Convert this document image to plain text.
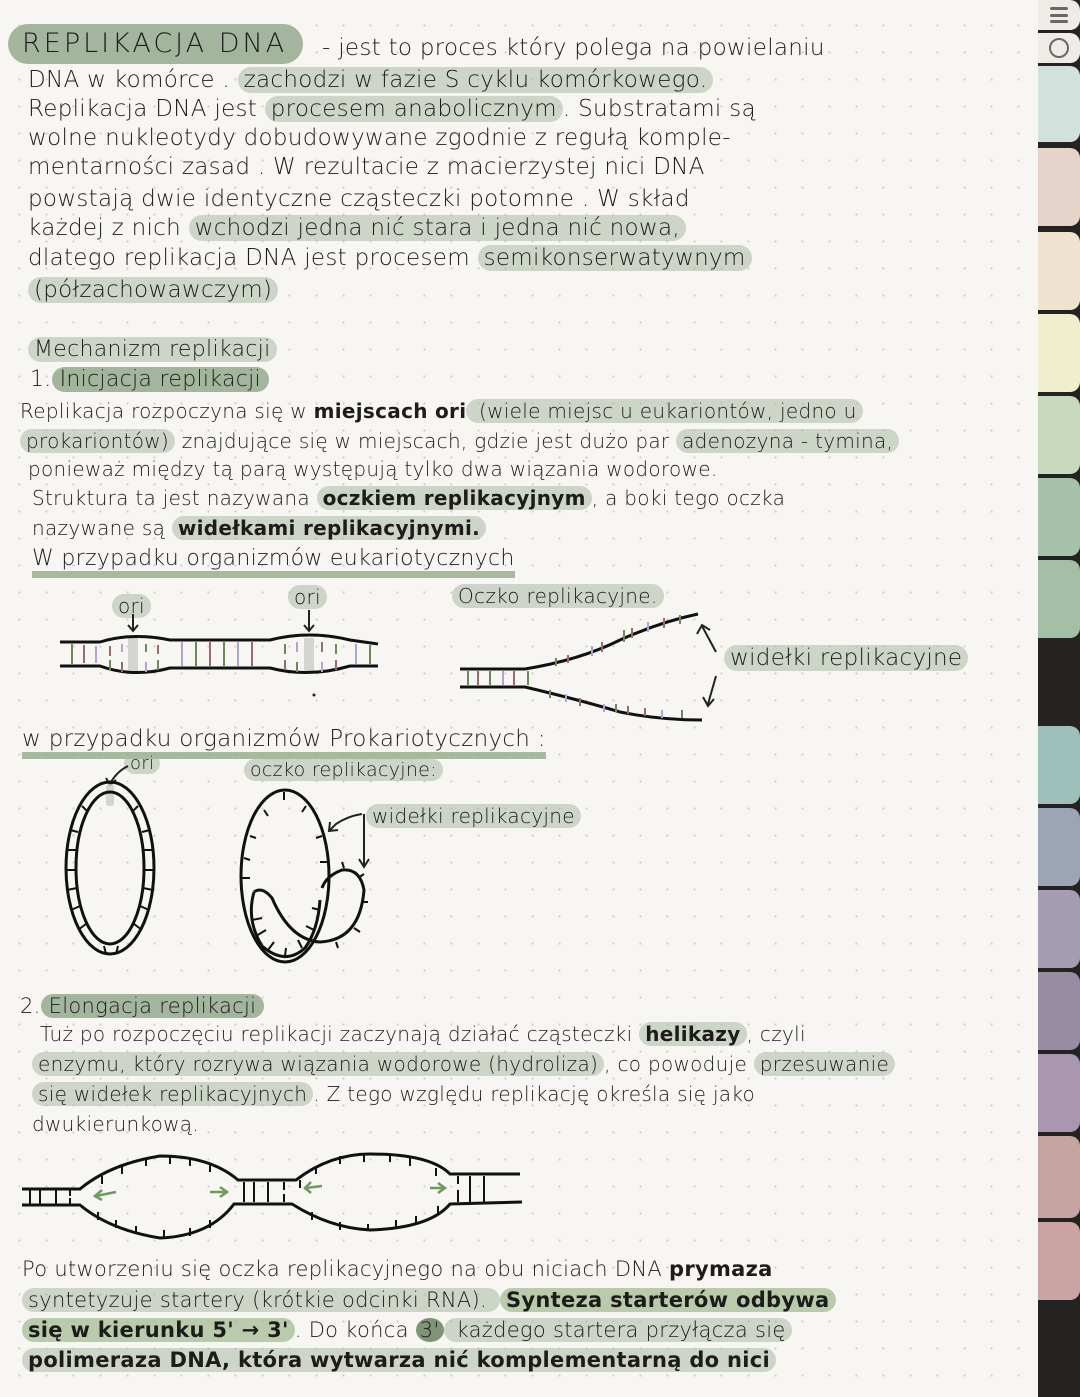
REPLIKACJA DNA	- jest to proces który polega na powielaniu
DNA w komórce . zachodzi w fazie S cyklu komórkowego.
Replikacja DNA jest procesem anabolicznym . Substratami są
wolne nukleotydy dobudowywane zgodnie z regułą komple-
mentarności zasad . W rezultacie z macierzystej nici DNA
powstają dwie identyczne cząsteczki potomne . W skład
każdej z nich wchodzi jedna nić stara i jedna nić nowa,
dlatego replikacja DNA jest procesem semikonserwatywnym
(półzachowawczym)
Mechanizm replikacji
1. Inicjacja replikacji
Replikacja rozpoczyna się w miejscach ori (wiele miejsc u eukariontów, jedno u
prokariontów) znajdujące się w miejscach, gdzie jest dużo par adenozyna - tymina,
ponieważ między tą parą występują tylko dwa wiązania wodorowe.
Struktura ta jest nazywana oczkiem replikacyjnym , a boki tego oczka
nazywane są widełkami replikacyjnymi.
W przypadku organizmów eukariotycznych
ori	ori	Oczko replikacyjne.
widełki replikacyjne
w przypadku organizmów Prokariotycznych :
ori	oczko replikacyjne:
widełki replikacyjne
2. Elongacja replikacji
Tuż po rozpoczęciu replikacji zaczynają działać cząsteczki helikazy , czyli
enzymu, który rozrywa wiązania wodorowe (hydroliza) , co powoduje przesuwanie
się widełek replikacyjnych . Z tego względu replikację określa się jako
dwukierunkową.
Po utworzeniu się oczka replikacyjnego na obu niciach DNA prymaza
syntetyzuje startery (krótkie odcinki RNA). Synteza starterów odbywa
się w kierunku 5' → 3' . Do końca 3' każdego startera przyłącza się
polimeraza DNA, która wytwarza nić komplementarną do nici
